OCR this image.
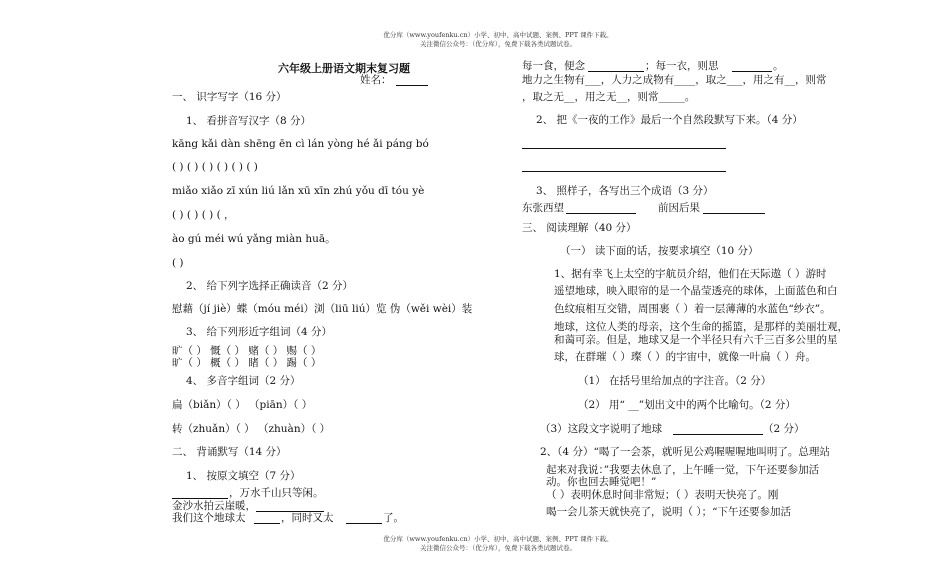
优分库（www.youfenku.cn）小学、初中、高中试题、案例、PPT 课件下载。
关注微信公众号：（优分库），免费下载各类试题试卷。
优分库（www.youfenku.cn）小学、初中、高中试题、案例、PPT 课件下载。
关注微信公众号：（优分库），免费下载各类试题试卷。
六年级上册语文期末复习题
姓名：
一、 识字写字（16 分）
1、 看拼音写汉字（8 分）
kāng kǎi dàn shēng ēn cì lán yòng hé ǎi páng bó
( ) ( ) ( ) ( ) ( ) ( )
miǎo xiǎo zī xún liú lǎn xū xīn zhú yǒu dī tóu yè
( ) ( ) ( ) ( ，
ào gú méi wú yǎng miàn huā。
( )
2、 给下列字选择正确读音（2 分）
慰藉（jí jiè）蝶（móu méi）浏（liū liú）览 伪（wěi wèi）装
3、 给下列形近字组词（4 分）
旷（ ） 慨（ ） 赌（ ） 赐（ ）
旷（ ） 概（ ） 睹（ ） 踢（ ）
4、 多音字组词（2 分）
扁（biǎn）（ ） （piān）（ ）
转（zhuǎn）（ ） （zhuàn）（ ）
二、 背诵默写（14 分）
1、 按原文填空（7 分）
，万水千山只等闲。
金沙水拍云崖暖，
我们这个地球太	，同时又太	了。
每一食，便念	；每一衣，则思	。
地力之生物有___，人力之成物有____，取之___，用之有__，则常
，取之无__，用之无__，则常_____。
2、 把《一夜的工作》最后一个自然段默写下来。（4 分）
3、 照样子，各写出三个成语（3 分）
东张西望	前因后果
三、 阅读理解（40 分）
（一） 读下面的话，按要求填空（10 分）
1、据有幸飞上太空的宇航员介绍，他们在天际遨（ ）游时
遥望地球，映入眼帘的是一个晶莹透亮的球体，上面蓝色和白
色纹痕相互交错，周围裹（ ）着一层薄薄的水蓝色“纱衣”。
地球，这位人类的母亲，这个生命的摇篮，是那样的美丽壮观，
和蔼可亲。但是，地球又是一个半径只有六千三百多公里的星
球，在群璀（ ）璨（ ）的宇宙中，就像一叶扁（ ）舟。
（1） 在括号里给加点的字注音。（2 分）
（2） 用“ __”划出文中的两个比喻句。（2 分）
（3）这段文字说明了地球	（2 分）
2、（4 分）“喝了一会茶，就听见公鸡喔喔喔地叫明了。总理站
起来对我说：”我要去休息了，上午睡一觉，下午还要参加活
动。你也回去睡觉吧！”
（ ）表明休息时间非常短；（ ）表明天快亮了。刚
喝一会儿茶天就快亮了，说明（ ）；“下午还要参加活
